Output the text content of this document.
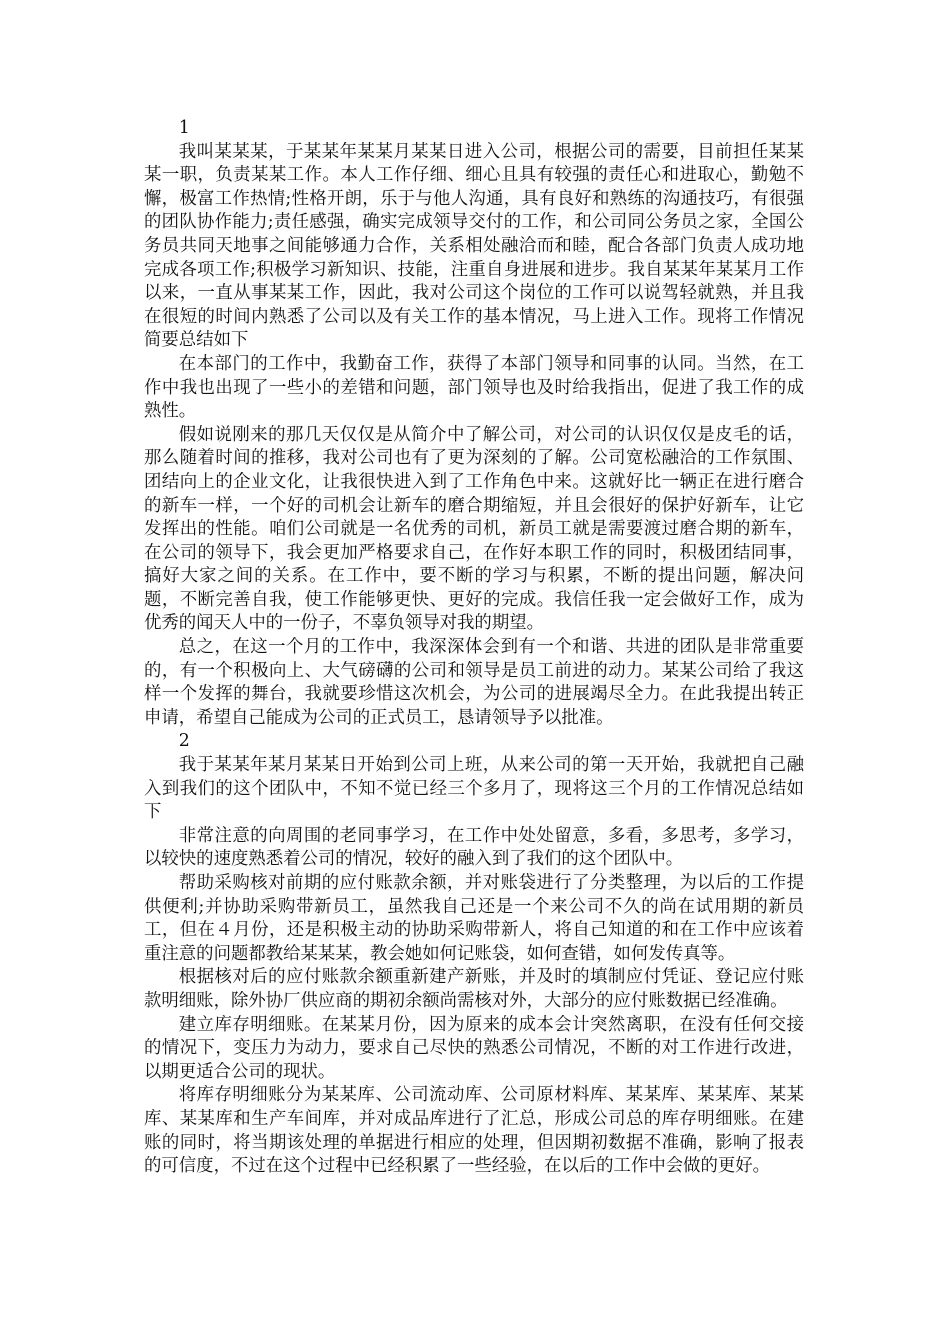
1

我叫某某某，于某某年某某月某某日进入公司，根据公司的需要，目前担任某某某一职，负责某某工作。本人工作仔细、细心且具有较强的责任心和进取心，勤勉不懈，极富工作热情;性格开朗，乐于与他人沟通，具有良好和熟练的沟通技巧，有很强的团队协作能力;责任感强，确实完成领导交付的工作，和公司同公务员之家，全国公务员共同天地事之间能够通力合作，关系相处融洽而和睦，配合各部门负责人成功地完成各项工作;积极学习新知识、技能，注重自身进展和进步。我自某某年某某月工作以来，一直从事某某工作，因此，我对公司这个岗位的工作可以说驾轻就熟，并且我在很短的时间内熟悉了公司以及有关工作的基本情况，马上进入工作。现将工作情况简要总结如下

在本部门的工作中，我勤奋工作，获得了本部门领导和同事的认同。当然，在工作中我也出现了一些小的差错和问题，部门领导也及时给我指出，促进了我工作的成熟性。

假如说刚来的那几天仅仅是从简介中了解公司，对公司的认识仅仅是皮毛的话，那么随着时间的推移，我对公司也有了更为深刻的了解。公司宽松融洽的工作氛围、团结向上的企业文化，让我很快进入到了工作角色中来。这就好比一辆正在进行磨合的新车一样，一个好的司机会让新车的磨合期缩短，并且会很好的保护好新车，让它发挥出的性能。咱们公司就是一名优秀的司机，新员工就是需要渡过磨合期的新车，在公司的领导下，我会更加严格要求自己，在作好本职工作的同时，积极团结同事，搞好大家之间的关系。在工作中，要不断的学习与积累，不断的提出问题，解决问题，不断完善自我，使工作能够更快、更好的完成。我信任我一定会做好工作，成为优秀的闻天人中的一份子，不辜负领导对我的期望。

总之，在这一个月的工作中，我深深体会到有一个和谐、共进的团队是非常重要的，有一个积极向上、大气磅礴的公司和领导是员工前进的动力。某某公司给了我这样一个发挥的舞台，我就要珍惜这次机会，为公司的进展竭尽全力。在此我提出转正申请，希望自己能成为公司的正式员工，恳请领导予以批准。

2

我于某某年某月某某日开始到公司上班，从来公司的第一天开始，我就把自己融入到我们的这个团队中，不知不觉已经三个多月了，现将这三个月的工作情况总结如下

非常注意的向周围的老同事学习，在工作中处处留意，多看，多思考，多学习，以较快的速度熟悉着公司的情况，较好的融入到了我们的这个团队中。

帮助采购核对前期的应付账款余额，并对账袋进行了分类整理，为以后的工作提供便利;并协助采购带新员工，虽然我自己还是一个来公司不久的尚在试用期的新员工，但在４月份，还是积极主动的协助采购带新人，将自己知道的和在工作中应该着重注意的问题都教给某某某，教会她如何记账袋，如何查错，如何发传真等。

根据核对后的应付账款余额重新建产新账，并及时的填制应付凭证、登记应付账款明细账，除外协厂供应商的期初余额尚需核对外，大部分的应付账数据已经准确。

建立库存明细账。在某某月份，因为原来的成本会计突然离职，在没有任何交接的情况下，变压力为动力，要求自己尽快的熟悉公司情况，不断的对工作进行改进，以期更适合公司的现状。

将库存明细账分为某某库、公司流动库、公司原材料库、某某库、某某库、某某库、某某库和生产车间库，并对成品库进行了汇总，形成公司总的库存明细账。在建账的同时，将当期该处理的单据进行相应的处理，但因期初数据不准确，影响了报表的可信度，不过在这个过程中已经积累了一些经验，在以后的工作中会做的更好。
